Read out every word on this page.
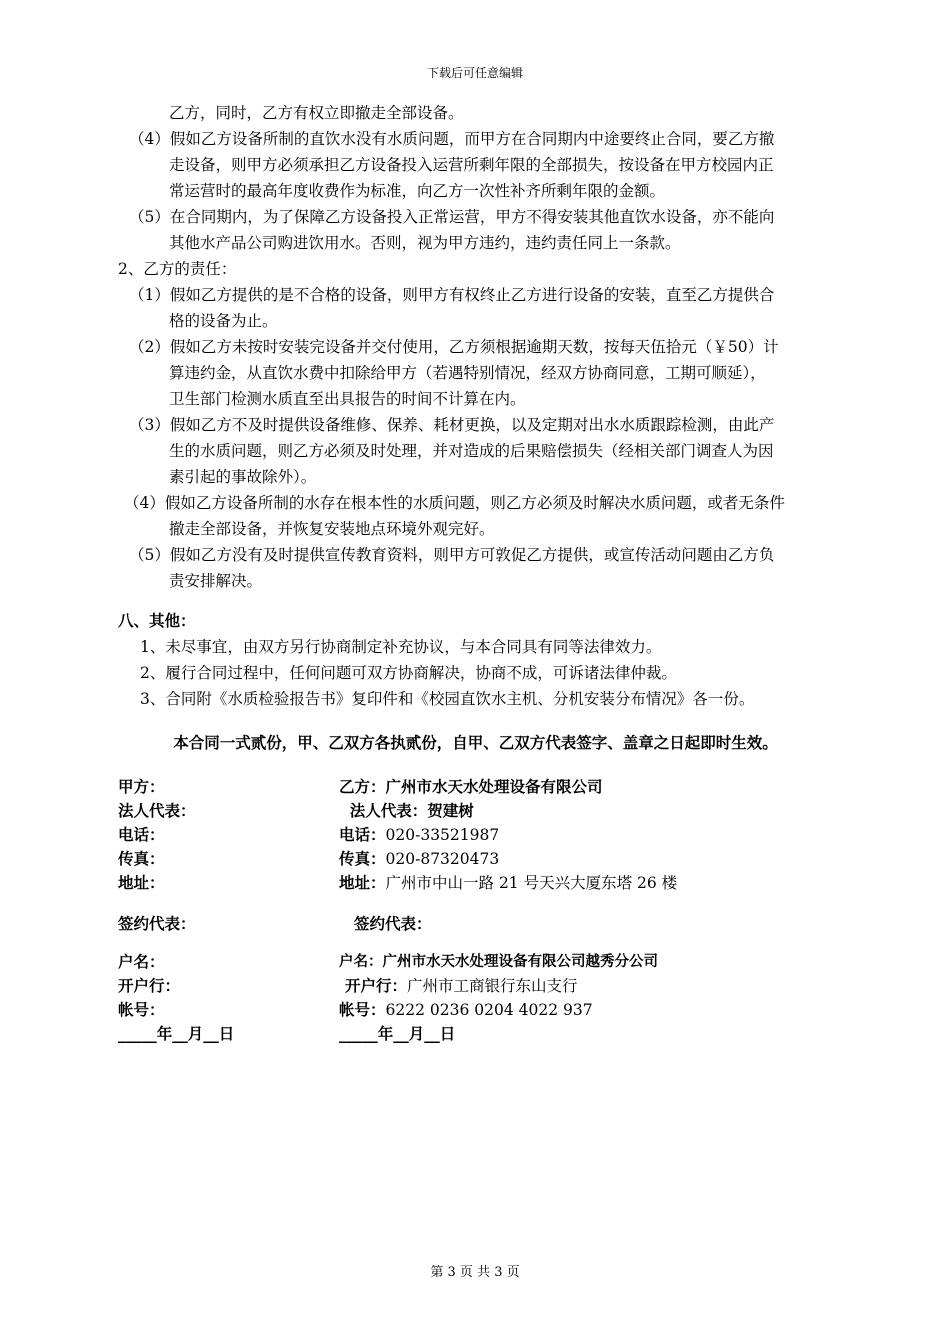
下载后可任意编辑
乙方，同时，乙方有权立即撤走全部设备。
（4）假如乙方设备所制的直饮水没有水质问题，而甲方在合同期内中途要终止合同，要乙方撤
走设备，则甲方必须承担乙方设备投入运营所剩年限的全部损失，按设备在甲方校园内正
常运营时的最高年度收费作为标准，向乙方一次性补齐所剩年限的金额。
（5）在合同期内，为了保障乙方设备投入正常运营，甲方不得安装其他直饮水设备，亦不能向
其他水产品公司购进饮用水。否则，视为甲方违约，违约责任同上一条款。
2、乙方的责任：
（1）假如乙方提供的是不合格的设备，则甲方有权终止乙方进行设备的安装，直至乙方提供合
格的设备为止。
（2）假如乙方未按时安装完设备并交付使用，乙方须根据逾期天数，按每天伍拾元（￥50）计
算违约金，从直饮水费中扣除给甲方（若遇特别情况，经双方协商同意，工期可顺延），
卫生部门检测水质直至出具报告的时间不计算在内。
（3）假如乙方不及时提供设备维修、保养、耗材更换，以及定期对出水水质跟踪检测，由此产
生的水质问题，则乙方必须及时处理，并对造成的后果赔偿损失（经相关部门调查人为因
素引起的事故除外）。
（4）假如乙方设备所制的水存在根本性的水质问题，则乙方必须及时解决水质问题，或者无条件
撤走全部设备，并恢复安装地点环境外观完好。
（5）假如乙方没有及时提供宣传教育资料，则甲方可敦促乙方提供，或宣传活动问题由乙方负
责安排解决。
八、其他：
1、未尽事宜，由双方另行协商制定补充协议，与本合同具有同等法律效力。
2、履行合同过程中，任何问题可双方协商解决，协商不成，可诉诸法律仲裁。
3、合同附《水质检验报告书》复印件和《校园直饮水主机、分机安装分布情况》各一份。
本合同一式贰份，甲、乙双方各执贰份，自甲、乙双方代表签字、盖章之日起即时生效。
甲方：	乙方：广州市水天水处理设备有限公司
法人代表：	法人代表：贺建树
电话：	电话：020-33521987
传真：	传真：020-87320473
地址：	地址：广州市中山一路 21 号天兴大厦东塔 26 楼
签约代表：	签约代表：
户名：	户名：广州市水天水处理设备有限公司越秀分公司
开户行：	开户行：广州市工商银行东山支行
帐号：	帐号：6222 0236 0204 4022 937
_____年__月__日	_____年__月__日
第 3 页 共 3 页
